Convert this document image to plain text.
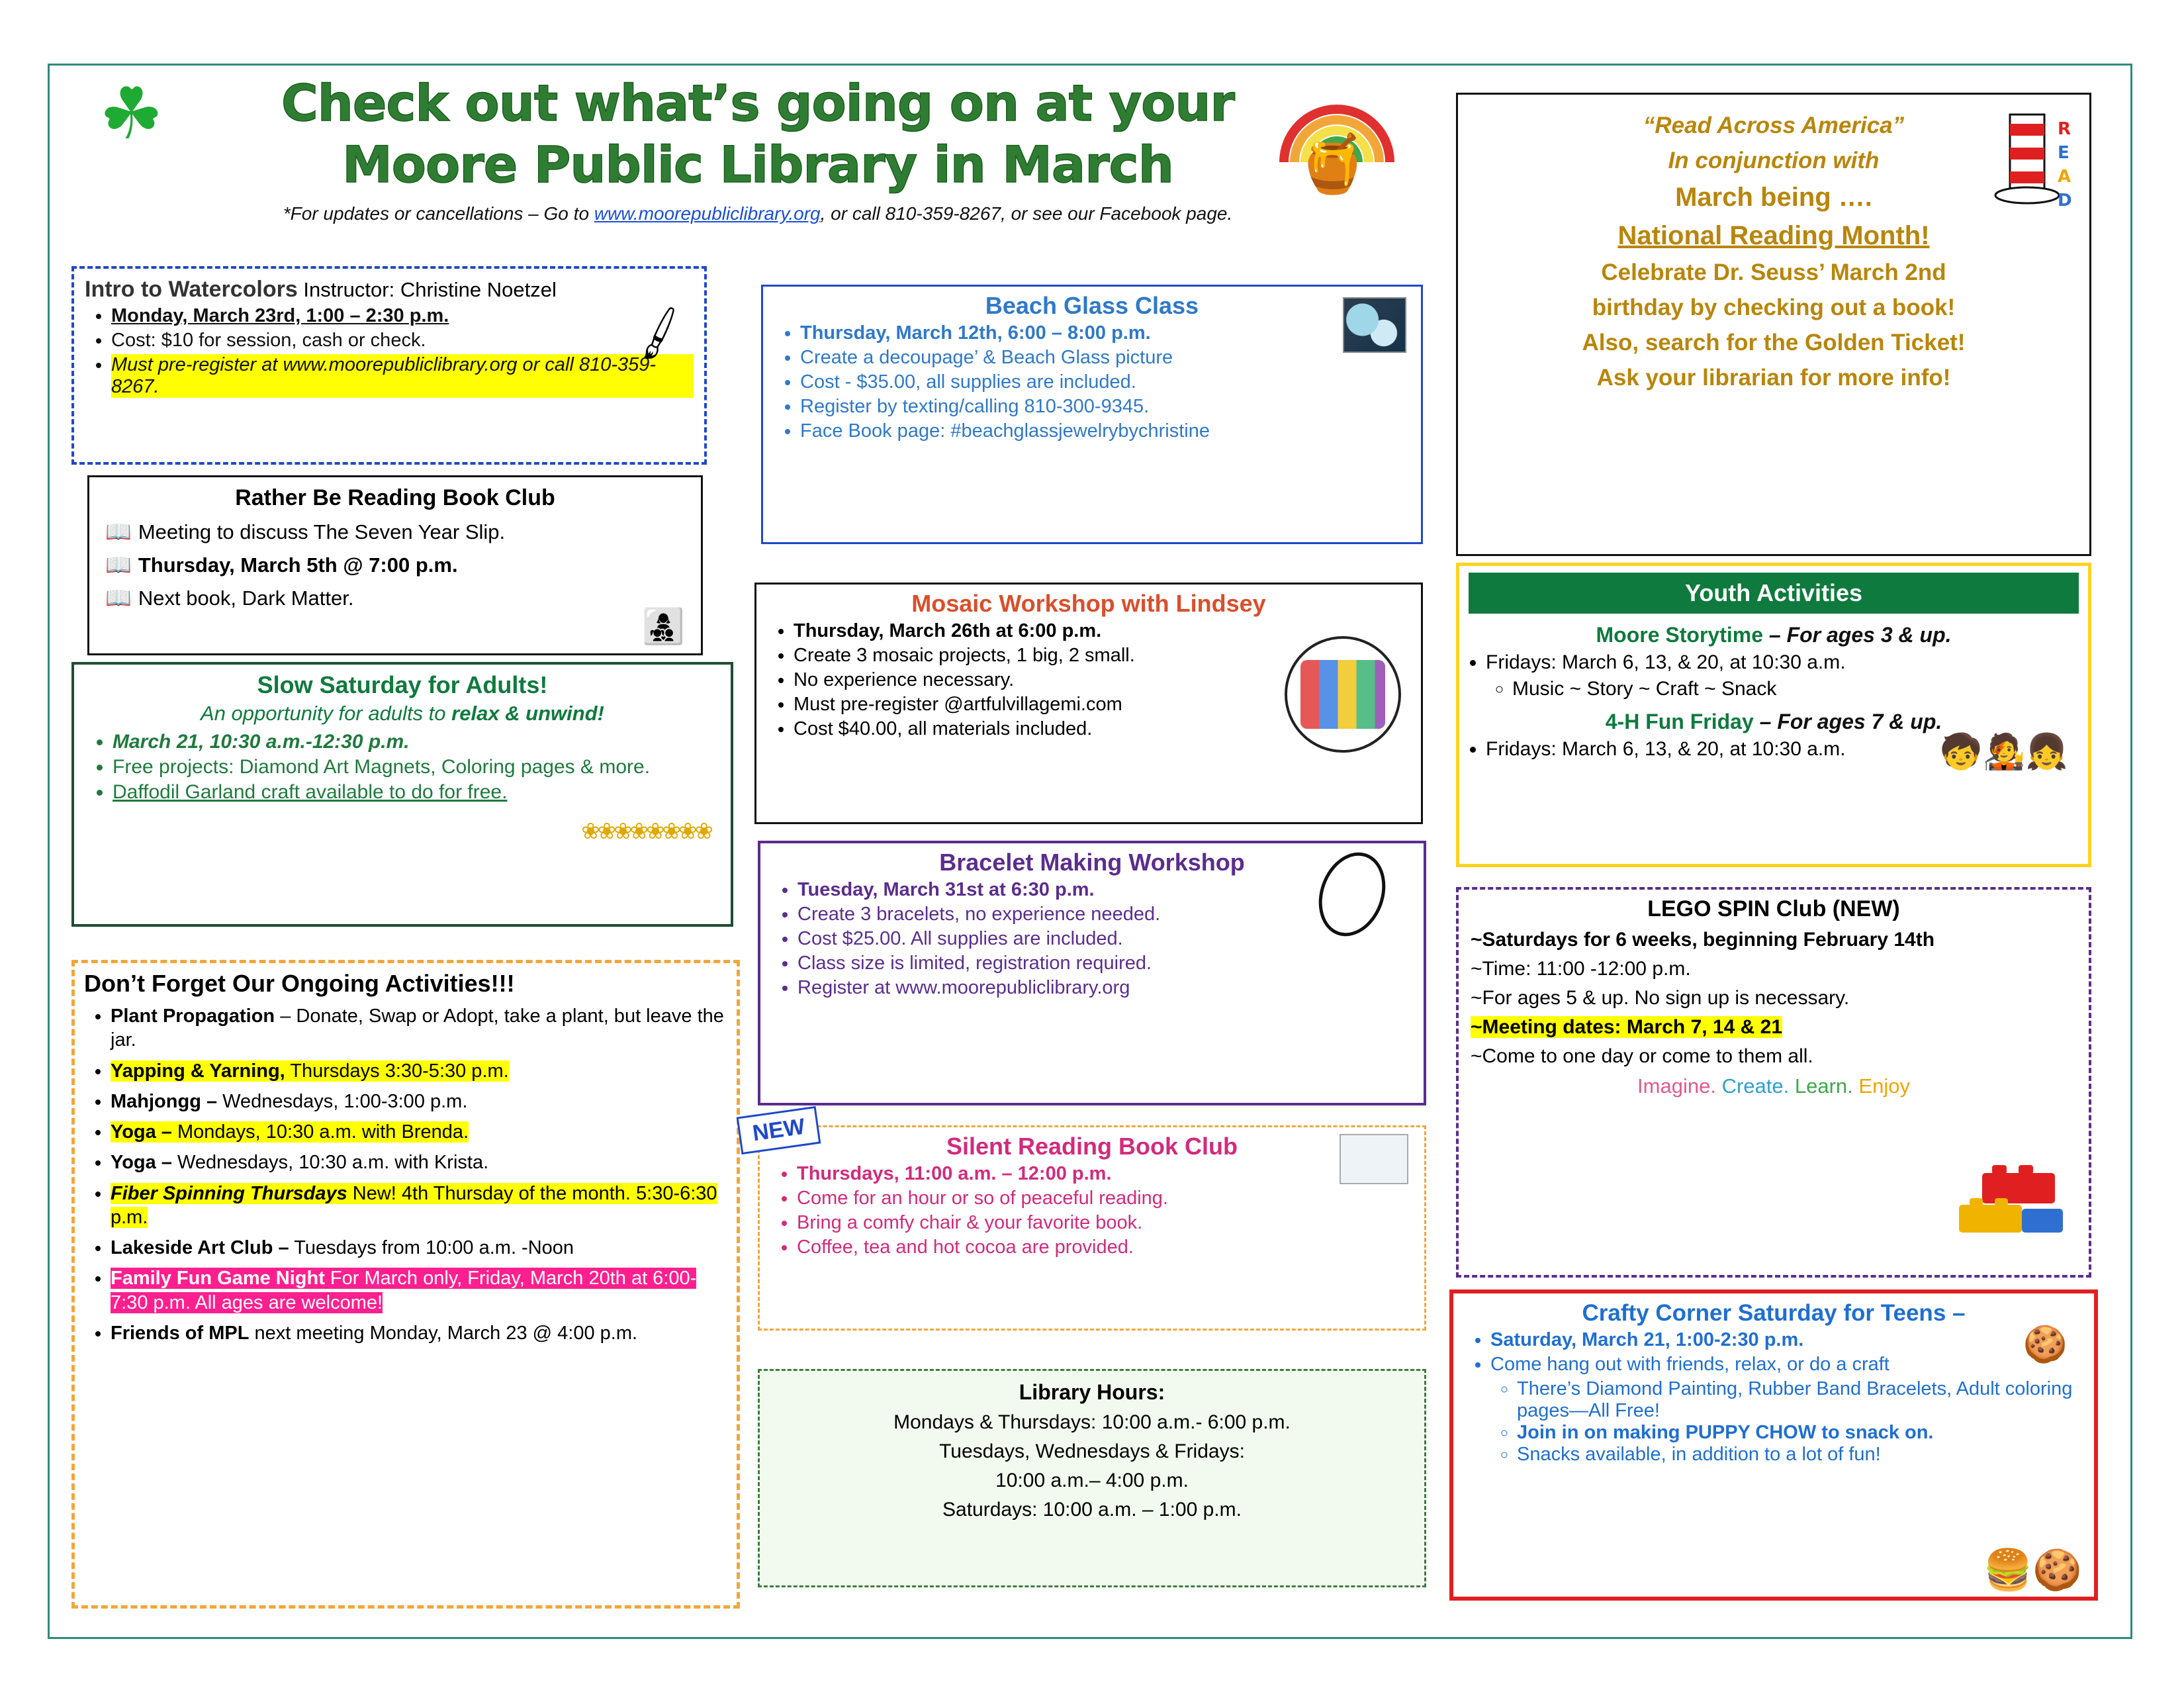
☘
🍯
Check out what’s going on at your
Moore Public Library in March
*For updates or cancellations – Go to www.moorepubliclibrary.org, or call 810-359-8267, or see our Facebook page.
Intro to Watercolors Instructor: Christine Noetzel
• Monday, March 23rd, 1:00 – 2:30 p.m.
• Cost: $10 for session, cash or check.
• Must pre-register at www.moorepubliclibrary.org or call 810-359-8267.
🖌
Rather Be Reading Book Club
📖 Meeting to discuss The Seven Year Slip.
📖 Thursday, March 5th @ 7:00 p.m.
📖 Next book, Dark Matter.
👩‍👧‍👦
Slow Saturday for Adults!
An opportunity for adults to relax & unwind!
• March 21, 10:30 a.m.-12:30 p.m.
• Free projects: Diamond Art Magnets, Coloring pages & more.
• Daffodil Garland craft available to do for free.
❀❀❀❀❀❀❀❀
Don’t Forget Our Ongoing Activities!!!
• Plant Propagation – Donate, Swap or Adopt, take a plant, but leave the jar.
• Yapping & Yarning, Thursdays 3:30-5:30 p.m.
• Mahjongg – Wednesdays, 1:00-3:00 p.m.
• Yoga – Mondays, 10:30 a.m. with Brenda.
• Yoga – Wednesdays, 10:30 a.m. with Krista.
• Fiber Spinning Thursdays New! 4th Thursday of the month. 5:30-6:30 p.m.
• Lakeside Art Club – Tuesdays from 10:00 a.m. -Noon
• Family Fun Game Night For March only, Friday, March 20th at 6:00-7:30 p.m. All ages are welcome!
• Friends of MPL next meeting Monday, March 23 @ 4:00 p.m.
Beach Glass Class
• Thursday, March 12th, 6:00 – 8:00 p.m.
• Create a decoupage’ & Beach Glass picture
• Cost - $35.00, all supplies are included.
• Register by texting/calling 810-300-9345.
• Face Book page: #beachglassjewelrybychristine
Mosaic Workshop with Lindsey
• Thursday, March 26th at 6:00 p.m.
• Create 3 mosaic projects, 1 big, 2 small.
• No experience necessary.
• Must pre-register @artfulvillagemi.com
• Cost $40.00, all materials included.
Bracelet Making Workshop
• Tuesday, March 31st at 6:30 p.m.
• Create 3 bracelets, no experience needed.
• Cost $25.00. All supplies are included.
• Class size is limited, registration required.
• Register at www.moorepubliclibrary.org
NEW
Silent Reading Book Club
• Thursdays, 11:00 a.m. – 12:00 p.m.
• Come for an hour or so of peaceful reading.
• Bring a comfy chair & your favorite book.
• Coffee, tea and hot cocoa are provided.
Library Hours:
Mondays & Thursdays: 10:00 a.m.- 6:00 p.m.
Tuesdays, Wednesdays & Fridays:
10:00 a.m.– 4:00 p.m.
Saturdays: 10:00 a.m. – 1:00 p.m.
R
E
A
D
“Read Across America”
In conjunction with
March being ….
National Reading Month!
Celebrate Dr. Seuss’ March 2nd
birthday by checking out a book!
Also, search for the Golden Ticket!
Ask your librarian for more info!
Youth Activities
Moore Storytime – For ages 3 & up.
• Fridays: March 6, 13, & 20, at 10:30 a.m.
◦ Music ~ Story ~ Craft ~ Snack
4-H Fun Friday – For ages 7 & up.
• Fridays: March 6, 13, & 20, at 10:30 a.m.	🧒🧑‍🎤👧
LEGO SPIN Club (NEW)
~Saturdays for 6 weeks, beginning February 14th
~Time: 11:00 -12:00 p.m.
~For ages 5 & up. No sign up is necessary.
~Meeting dates: March 7, 14 & 21
~Come to one day or come to them all.
Imagine. Create. Learn. Enjoy
Crafty Corner Saturday for Teens –
🍪
• Saturday, March 21, 1:00-2:30 p.m.
• Come hang out with friends, relax, or do a craft
◦ There’s Diamond Painting, Rubber Band Bracelets, Adult coloring pages—All Free!
◦ Join in on making PUPPY CHOW to snack on.
◦ Snacks available, in addition to a lot of fun!
🍔🍪
